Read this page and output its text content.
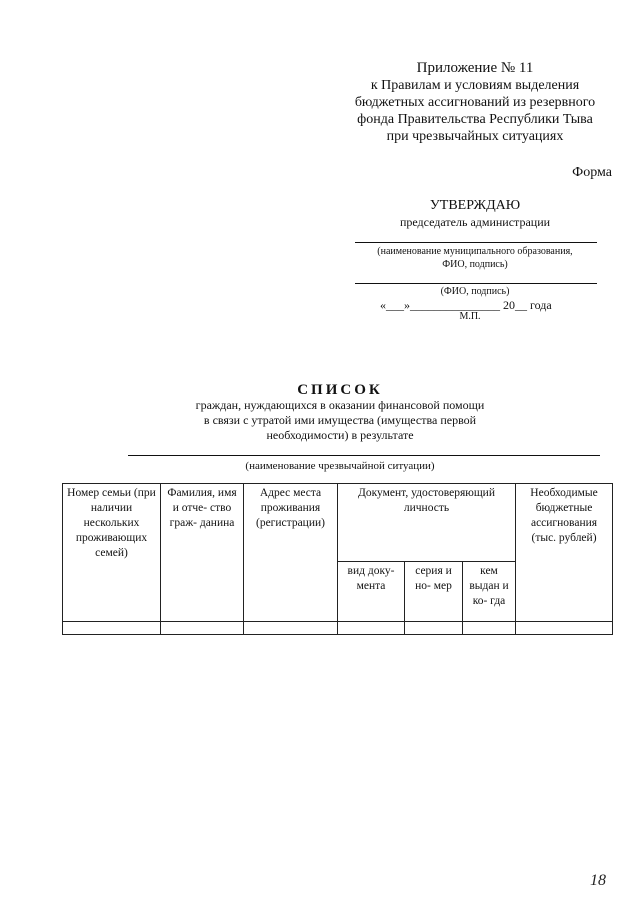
Приложение № 11
к Правилам и условиям выделения
бюджетных ассигнований из резервного
фонда Правительства Республики Тыва
при чрезвычайных ситуациях
Форма
УТВЕРЖДАЮ
председатель администрации
(наименование муниципального образования,
ФИО, подпись)
(ФИО, подпись)
«___»_______________ 20__ года
М.П.
СПИСОК
граждан, нуждающихся в оказании финансовой помощи
в связи с утратой ими имущества (имущества первой
необходимости) в результате
(наименование чрезвычайной ситуации)
Номер семьи (при наличии нескольких проживающих семей)	Фамилия, имя и отче- ство граж- данина	Адрес места проживания (регистрации)	Документ, удостоверяющий личность			Необходимые бюджетные ассигнования (тыс. рублей)
			вид доку- мента	серия и но- мер	кем выдан и ко- гда	

18
